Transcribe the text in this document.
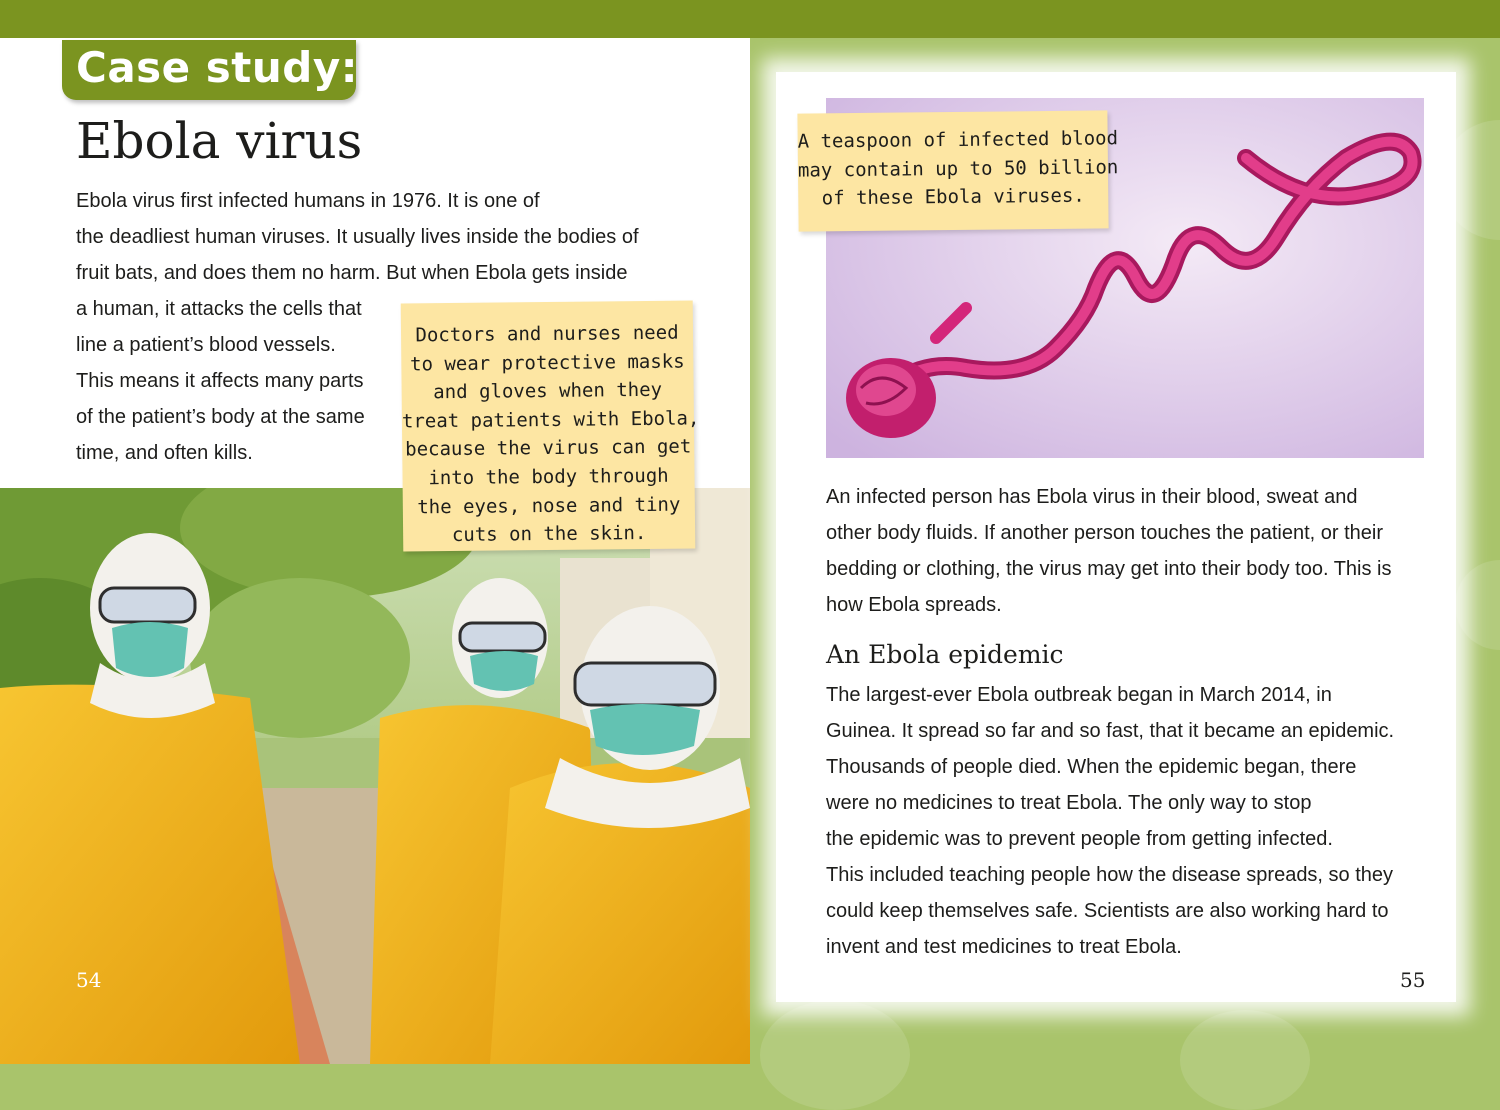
Case study:
Ebola virus
Ebola virus first infected humans in 1976. It is one of
the deadliest human viruses. It usually lives inside the bodies of
fruit bats, and does them no harm. But when Ebola gets inside
a human, it attacks the cells that
line a patient’s blood vessels.
This means it affects many parts
of the patient’s body at the same
time, and often kills.
Doctors and nurses need
to wear protective masks
and gloves when they
treat patients with Ebola,
because the virus can get
into the body through
the eyes, nose and tiny
cuts on the skin.
54
A teaspoon of infected blood
may contain up to 50 billion
of these Ebola viruses.
An infected person has Ebola virus in their blood, sweat and
other body fluids. If another person touches the patient, or their
bedding or clothing, the virus may get into their body too. This is
how Ebola spreads.
An Ebola epidemic
The largest-ever Ebola outbreak began in March 2014, in
Guinea. It spread so far and so fast, that it became an epidemic.
Thousands of people died. When the epidemic began, there
were no medicines to treat Ebola. The only way to stop
the epidemic was to prevent people from getting infected.
This included teaching people how the disease spreads, so they
could keep themselves safe. Scientists are also working hard to
invent and test medicines to treat Ebola.
55
